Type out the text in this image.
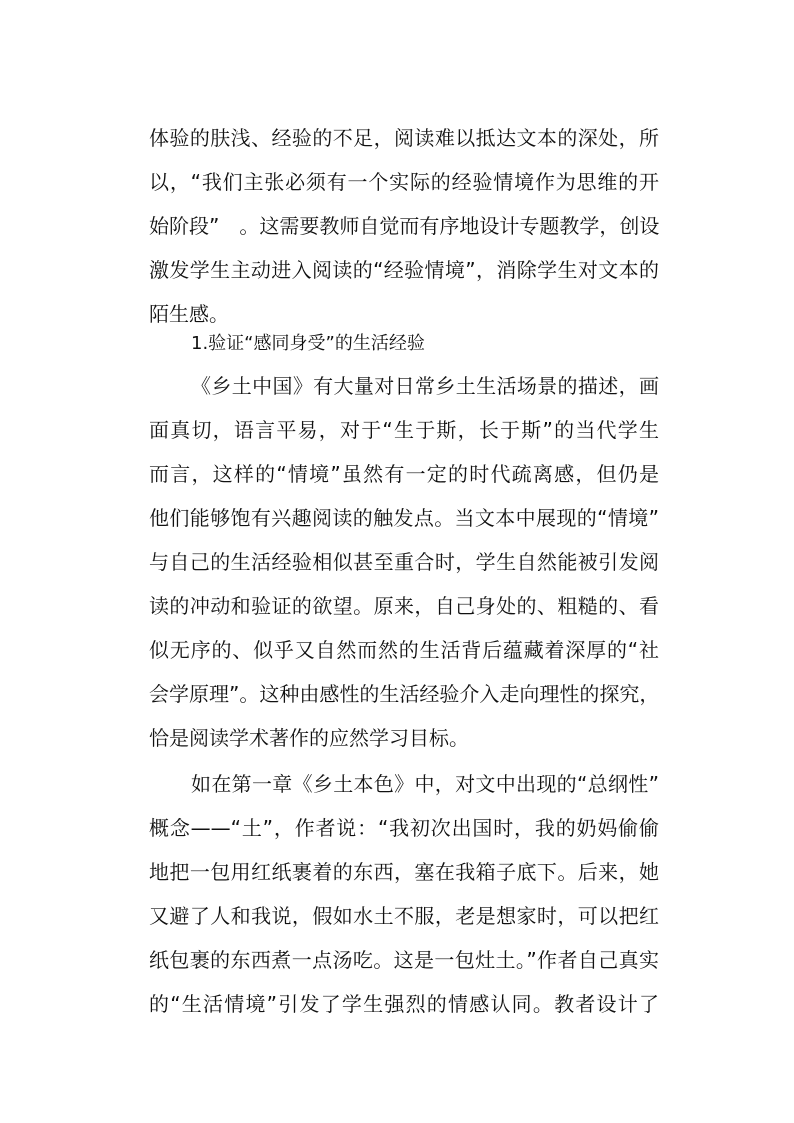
体验的肤浅、经验的不足，阅读难以抵达文本的深处，所
以，“我们主张必须有一个实际的经验情境作为思维的开
始阶段”　。这需要教师自觉而有序地设计专题教学，创设
激发学生主动进入阅读的“经验情境”，消除学生对文本的
陌生感。
1.验证“感同身受”的生活经验
《乡土中国》有大量对日常乡土生活场景的描述，画
面真切，语言平易，对于“生于斯，长于斯”的当代学生
而言，这样的“情境”虽然有一定的时代疏离感，但仍是
他们能够饱有兴趣阅读的触发点。当文本中展现的“情境”
与自己的生活经验相似甚至重合时，学生自然能被引发阅
读的冲动和验证的欲望。原来，自己身处的、粗糙的、看
似无序的、似乎又自然而然的生活背后蕴藏着深厚的“社
会学原理”。这种由感性的生活经验介入走向理性的探究，
恰是阅读学术著作的应然学习目标。
如在第一章《乡土本色》中，对文中出现的“总纲性”
概念——“土”，作者说：“我初次出国时，我的奶妈偷偷
地把一包用红纸裹着的东西，塞在我箱子底下。后来，她
又避了人和我说，假如水土不服，老是想家时，可以把红
纸包裹的东西煮一点汤吃。这是一包灶土。”作者自己真实
的“生活情境”引发了学生强烈的情感认同。教者设计了
